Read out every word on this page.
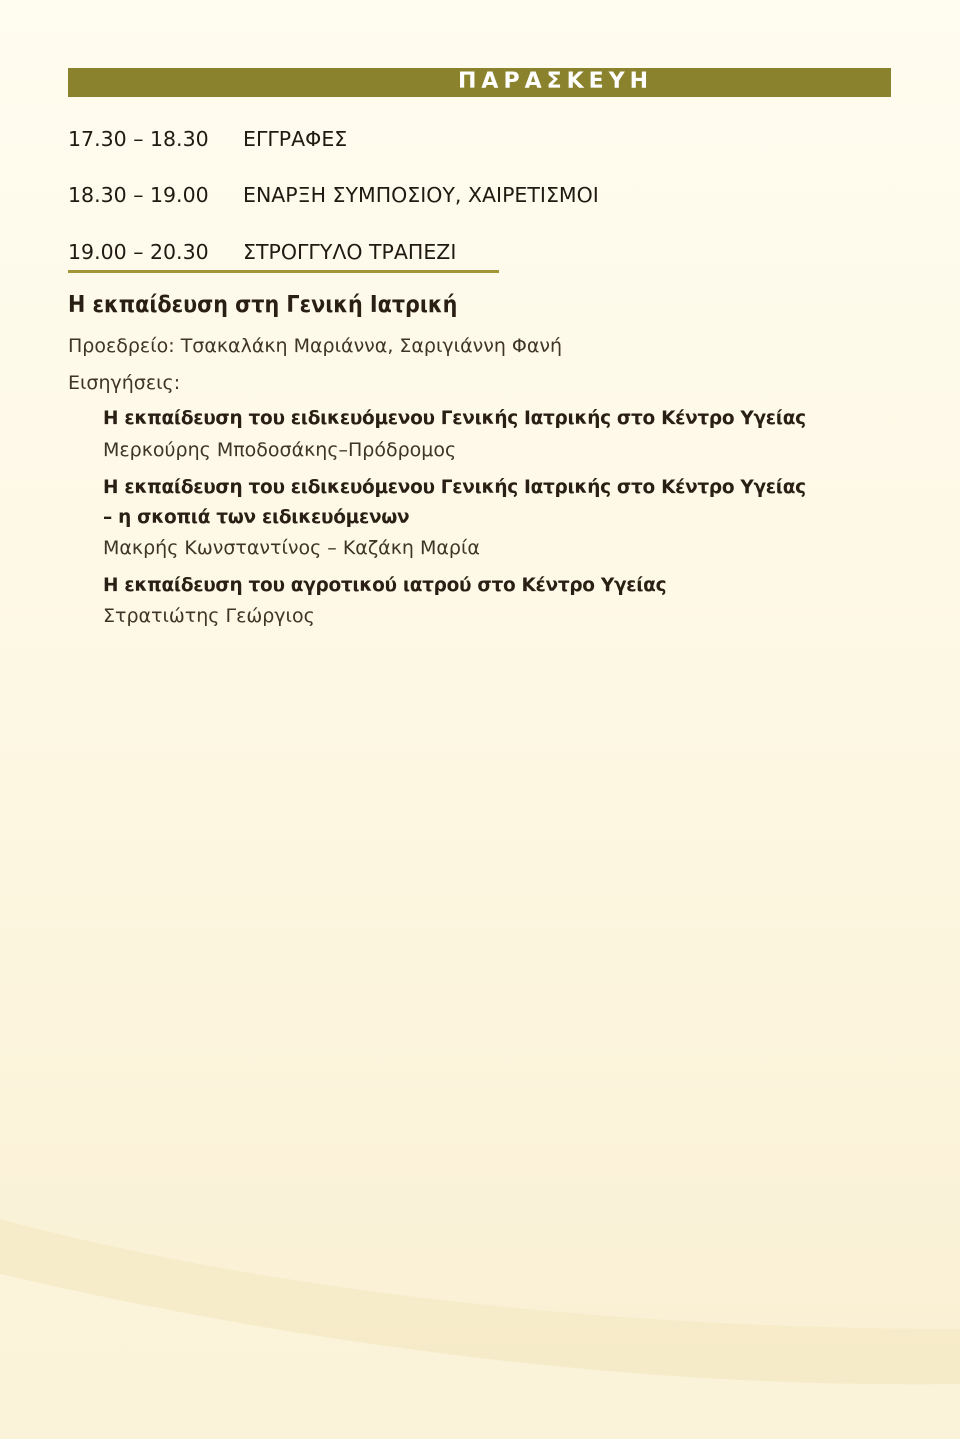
ΠΑΡΑΣΚΕΥΗ
17.30 – 18.30 ΕΓΓΡΑΦΕΣ
18.30 – 19.00 ΕΝΑΡΞΗ ΣΥΜΠΟΣΙΟΥ, ΧΑΙΡΕΤΙΣΜΟΙ
19.00 – 20.30 ΣΤΡΟΓΓΥΛΟ ΤΡΑΠΕΖΙ
Η εκπαίδευση στη Γενική Ιατρική
Προεδρείο: Τσακαλάκη Μαριάννα, Σαριγιάννη Φανή
Εισηγήσεις:
Η εκπαίδευση του ειδικευόμενου Γενικής Ιατρικής στο Κέντρο Υγείας
Μερκούρης Μποδοσάκης–Πρόδρομος
Η εκπαίδευση του ειδικευόμενου Γενικής Ιατρικής στο Κέντρο Υγείας
– η σκοπιά των ειδικευόμενων
Μακρής Κωνσταντίνος – Καζάκη Μαρία
Η εκπαίδευση του αγροτικού ιατρού στο Κέντρο Υγείας
Στρατιώτης Γεώργιος
